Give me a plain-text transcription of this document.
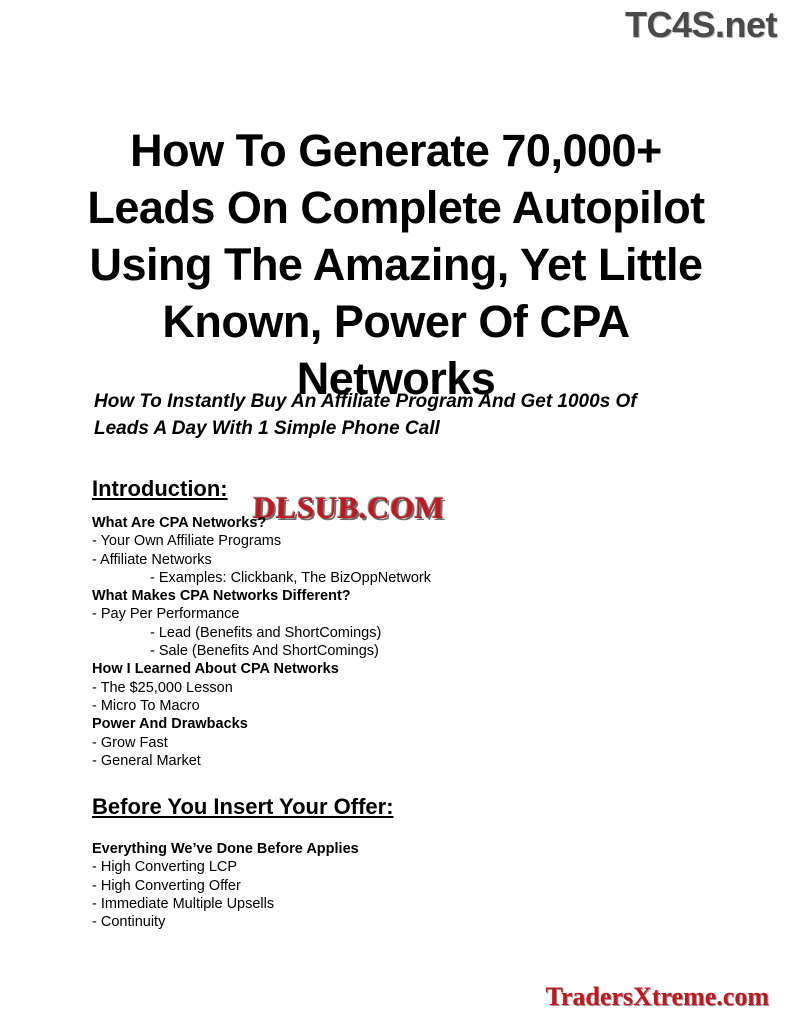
TC4S.net
How To Generate 70,000+ Leads On Complete Autopilot Using The Amazing, Yet Little Known, Power Of CPA Networks
How To Instantly Buy An Affiliate Program And Get 1000s Of Leads A Day With 1 Simple Phone Call
Introduction:
DLSUB.COM
What Are CPA Networks?
- Your Own Affiliate Programs
- Affiliate Networks
- Examples: Clickbank, The BizOppNetwork
What Makes CPA Networks Different?
- Pay Per Performance
- Lead (Benefits and ShortComings)
- Sale (Benefits And ShortComings)
How I Learned About CPA Networks
- The $25,000 Lesson
- Micro To Macro
Power And Drawbacks
- Grow Fast
- General Market
Before You Insert Your Offer:
Everything We’ve Done Before Applies
- High Converting LCP
- High Converting Offer
- Immediate Multiple Upsells
- Continuity
TradersXtreme.com
